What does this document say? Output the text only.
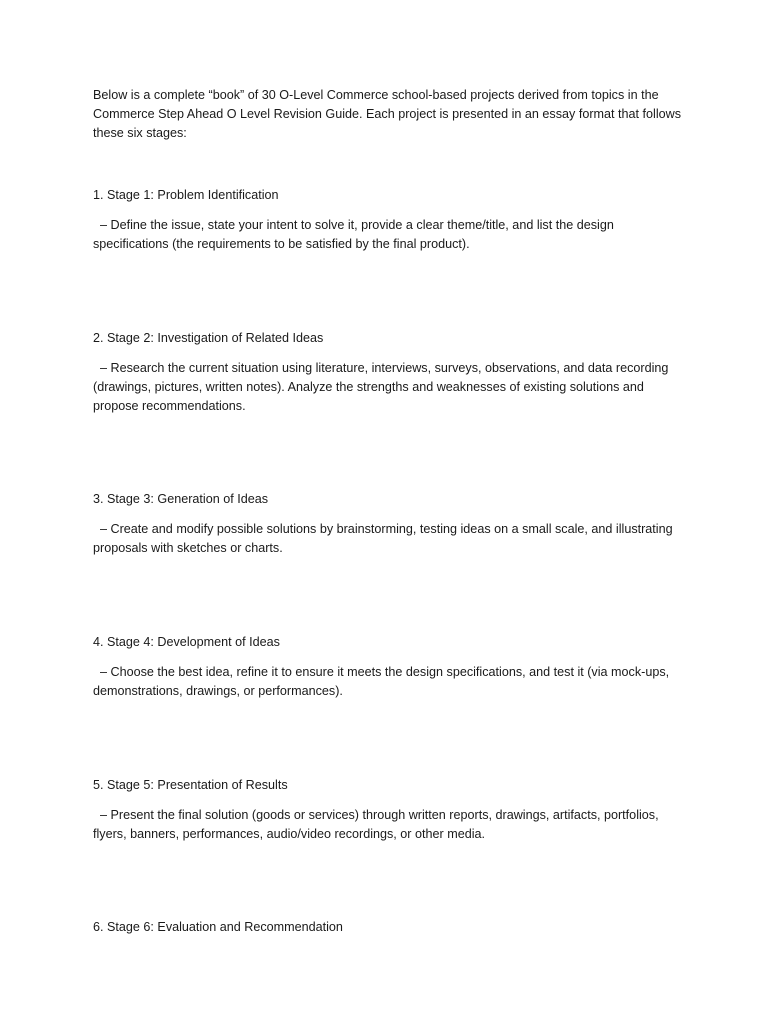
Below is a complete “book” of 30 O-Level Commerce school-based projects derived from topics in the Commerce Step Ahead O Level Revision Guide. Each project is presented in an essay format that follows these six stages:

1. Stage 1: Problem Identification

– Define the issue, state your intent to solve it, provide a clear theme/title, and list the design specifications (the requirements to be satisfied by the final product).

2. Stage 2: Investigation of Related Ideas

– Research the current situation using literature, interviews, surveys, observations, and data recording (drawings, pictures, written notes). Analyze the strengths and weaknesses of existing solutions and propose recommendations.

3. Stage 3: Generation of Ideas

– Create and modify possible solutions by brainstorming, testing ideas on a small scale, and illustrating proposals with sketches or charts.

4. Stage 4: Development of Ideas

– Choose the best idea, refine it to ensure it meets the design specifications, and test it (via mock-ups, demonstrations, drawings, or performances).

5. Stage 5: Presentation of Results

– Present the final solution (goods or services) through written reports, drawings, artifacts, portfolios, flyers, banners, performances, audio/video recordings, or other media.

6. Stage 6: Evaluation and Recommendation
